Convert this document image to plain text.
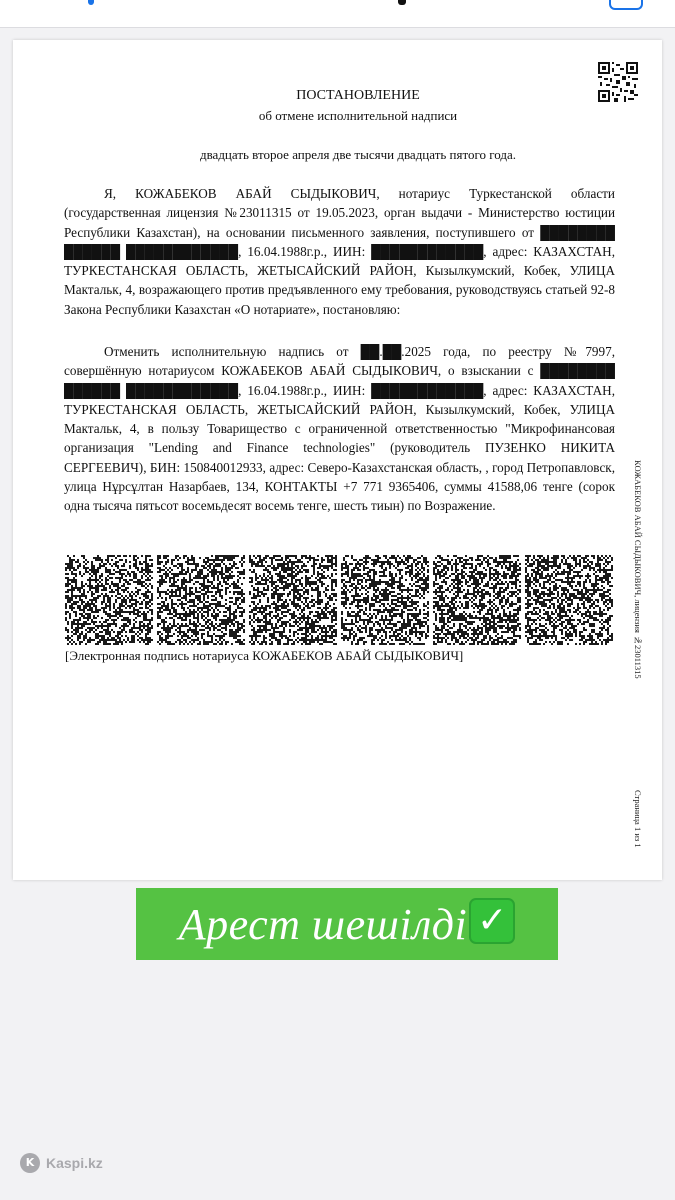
ПОСТАНОВЛЕНИЕ
об отмене исполнительной надписи
двадцать второе апреля две тысячи двадцать пятого года.

Я, КОЖАБЕКОВ АБАЙ СЫДЫКОВИЧ, нотариус Туркестанской области (государственная лицензия №23011315 от 19.05.2023, орган выдачи - Министерство юстиции Республики Казахстан), на основании письменного заявления, поступившего от ████████ ██████ ████████████, 16.04.1988г.р., ИИН: ████████████, адрес: КАЗАХСТАН, ТУРКЕСТАНСКАЯ ОБЛАСТЬ, ЖЕТЫСАЙСКИЙ РАЙОН, Кызылкумский, Кобек, УЛИЦА Мактальк, 4, возражающего против предъявленного ему требования, руководствуясь статьей 92-8 Закона Республики Казахстан «О нотариате», постановляю:

Отменить исполнительную надпись от ██.██.2025 года, по реестру №7997, совершённую нотариусом КОЖАБЕКОВ АБАЙ СЫДЫКОВИЧ, о взыскании с ████████ ██████ ████████████, 16.04.1988г.р., ИИН: ████████████, адрес: КАЗАХСТАН, ТУРКЕСТАНСКАЯ ОБЛАСТЬ, ЖЕТЫСАЙСКИЙ РАЙОН, Кызылкумский, Кобек, УЛИЦА Мактальк, 4, в пользу Товарищество с ограниченной ответственностью "Микрофинансовая организация "Lending and Finance technologies" (руководитель ПУЗЕНКО НИКИТА СЕРГЕЕВИЧ), БИН: 150840012933, адрес: Северо-Казахстанская область, , город Петропавловск, улица Нұрсұлтан Назарбаев, 134, КОНТАКТЫ +7 771 9365406, суммы 41588,06 тенге (сорок одна тысяча пятьсот восемьдесят восемь тенге, шесть тиын) по Возражение.

[Электронная подпись нотариуса КОЖАБЕКОВ АБАЙ СЫДЫКОВИЧ]	КОЖАБЕКОВ АБАЙ СЫДЫКОВИЧ, лицензия №23011315
Страница 1 из 1
Арест шешілді ✓
K Kaspi.kz
